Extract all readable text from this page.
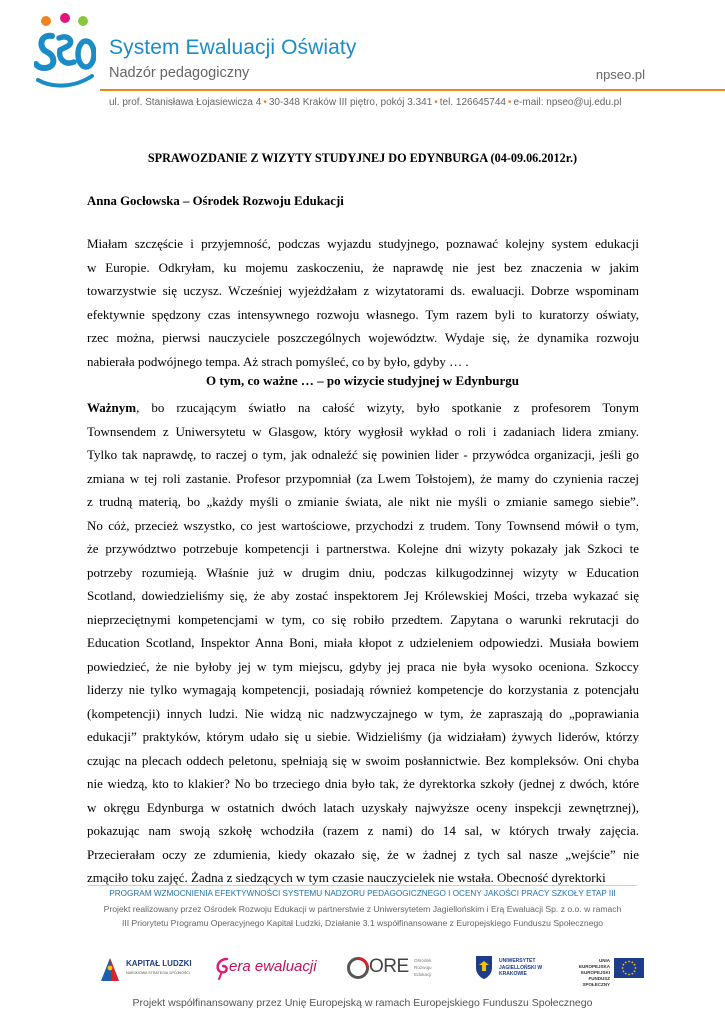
System Ewaluacji Oświaty
Nadzór pedagogiczny	npseo.pl
ul. prof. Stanisława Łojasiewicza 4 • 30-348 Kraków III piętro, pokój 3.341 • tel. 126645744 • e-mail: npseo@uj.edu.pl
SPRAWOZDANIE Z WIZYTY STUDYJNEJ DO EDYNBURGA (04-09.06.2012r.)
Anna Gocłowska – Ośrodek Rozwoju Edukacji
Miałam szczęście i przyjemność, podczas wyjazdu studyjnego, poznawać kolejny system edukacji
w Europie. Odkryłam, ku mojemu zaskoczeniu, że naprawdę nie jest bez znaczenia w jakim
towarzystwie się uczysz. Wcześniej wyjeżdżałam z wizytatorami ds. ewaluacji. Dobrze wspominam
efektywnie spędzony czas intensywnego rozwoju własnego. Tym razem byli to kuratorzy oświaty,
rzec można, pierwsi nauczyciele poszczególnych województw. Wydaje się, że dynamika rozwoju
nabierała podwójnego tempa. Aż strach pomyśleć, co by było, gdyby … .
O tym, co ważne … – po wizycie studyjnej w Edynburgu
Ważnym, bo rzucającym światło na całość wizyty, było spotkanie z profesorem Tonym
Townsendem z Uniwersytetu w Glasgow, który wygłosił wykład o roli i zadaniach lidera zmiany.
Tylko tak naprawdę, to raczej o tym, jak odnaleźć się powinien lider - przywódca organizacji, jeśli go
zmiana w tej roli zastanie. Profesor przypomniał (za Lwem Tołstojem), że mamy do czynienia raczej
z trudną materią, bo „każdy myśli o zmianie świata, ale nikt nie myśli o zmianie samego siebie”.
No cóż, przecież wszystko, co jest wartościowe, przychodzi z trudem. Tony Townsend mówił o tym,
że przywództwo potrzebuje kompetencji i partnerstwa. Kolejne dni wizyty pokazały jak Szkoci te
potrzeby rozumieją. Właśnie już w drugim dniu, podczas kilkugodzinnej wizyty w Education
Scotland, dowiedzieliśmy się, że aby zostać inspektorem Jej Królewskiej Mości, trzeba wykazać się
nieprzeciętnymi kompetencjami w tym, co się robiło przedtem. Zapytana o warunki rekrutacji do
Education Scotland, Inspektor Anna Boni, miała kłopot z udzieleniem odpowiedzi. Musiała bowiem
powiedzieć, że nie byłoby jej w tym miejscu, gdyby jej praca nie była wysoko oceniona. Szkoccy
liderzy nie tylko wymagają kompetencji, posiadają również kompetencje do korzystania z potencjału
(kompetencji) innych ludzi. Nie widzą nic nadzwyczajnego w tym, że zapraszają do „poprawiania
edukacji” praktyków, którym udało się u siebie. Widzieliśmy (ja widziałam) żywych liderów, którzy
czując na plecach oddech peletonu, spełniają się w swoim posłannictwie. Bez kompleksów. Oni chyba
nie wiedzą, kto to klakier? No bo trzeciego dnia było tak, że dyrektorka szkoły (jednej z dwóch, które
w okręgu Edynburga w ostatnich dwóch latach uzyskały najwyższe oceny inspekcji zewnętrznej),
pokazując nam swoją szkołę wchodziła (razem z nami) do 14 sal, w których trwały zajęcia.
Przecierałam oczy ze zdumienia, kiedy okazało się, że w żadnej z tych sal nasze „wejście” nie
zmąciło toku zajęć. Żadna z siedzących w tym czasie nauczycielek nie wstała. Obecność dyrektorki
PROGRAM WZMOCNIENIA EFEKTYWNOŚCI SYSTEMU NADZORU PEDAGOGICZNEGO I OCENY JAKOŚCI PRACY SZKOŁY ETAP III
Projekt realizowany przez Ośrodek Rozwoju Edukacji w partnerstwie z Uniwersytetem Jagiellońskim i Erą Ewaluacji Sp. z o.o. w ramach
III Priorytetu Programu Operacyjnego Kapitał Ludzki, Działanie 3.1 współfinansowane z Europejskiego Funduszu Społecznego
KAPITAŁ LUDZKI
NARODOWA STRATEGIA SPÓJNOŚCI	era ewaluacji	ORE Ośrodek Rozwoju Edukacji
UNIWERSYTET JAGIELLOŃSKI W KRAKOWIE
UNIA EUROPEJSKA EUROPEJSKI FUNDUSZ SPOŁECZNY
Projekt współfinansowany przez Unię Europejską w ramach Europejskiego Funduszu Społecznego
